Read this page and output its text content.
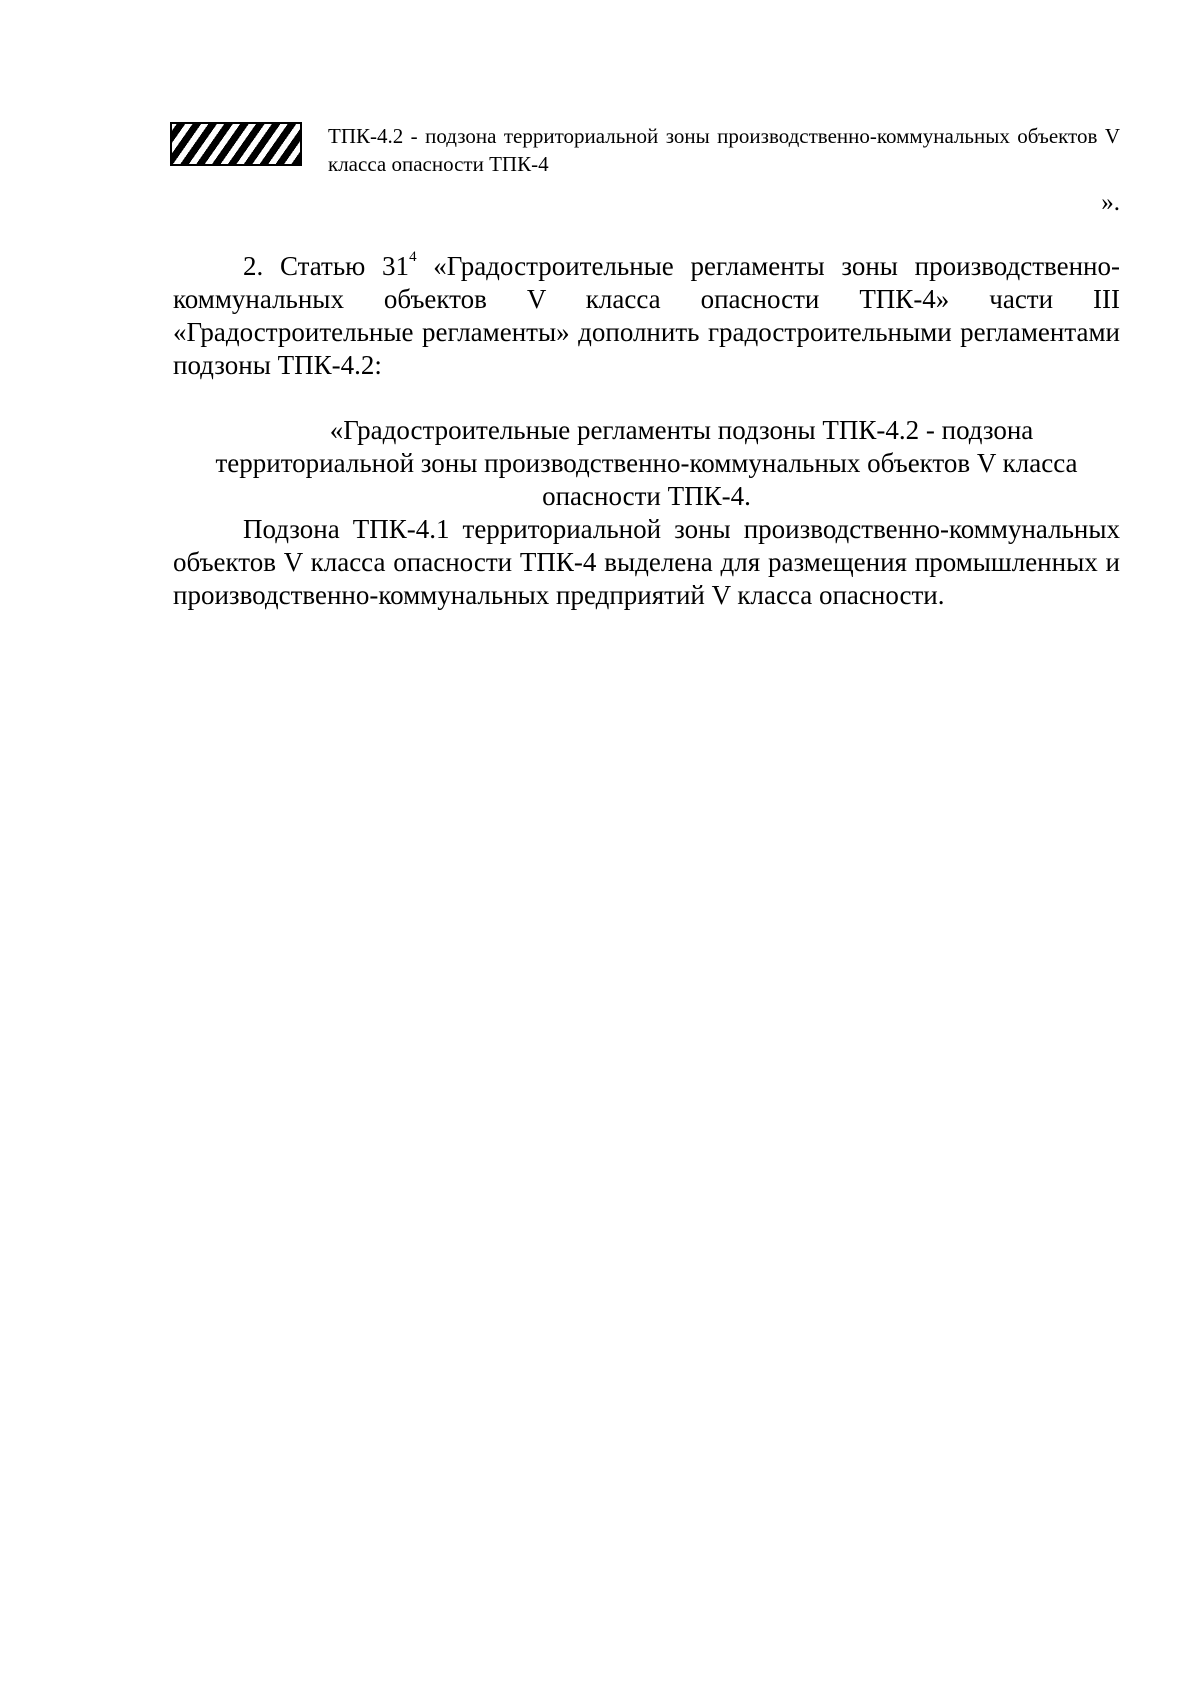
ТПК-4.2 - подзона территориальной зоны производственно-коммунальных объектов V класса опасности ТПК-4
».

2. Статью $31^4$ «Градостроительные регламенты зоны производственно-коммунальных объектов V класса опасности ТПК-4» части III «Градостроительные регламенты» дополнить градостроительными регламентами подзоны ТПК-4.2:

«Градостроительные регламенты подзоны ТПК-4.2 - подзона территориальной зоны производственно-коммунальных объектов V класса опасности ТПК-4.

Подзона ТПК-4.1 территориальной зоны производственно-коммунальных объектов V класса опасности ТПК-4 выделена для размещения промышленных и производственно-коммунальных предприятий V класса опасности.
